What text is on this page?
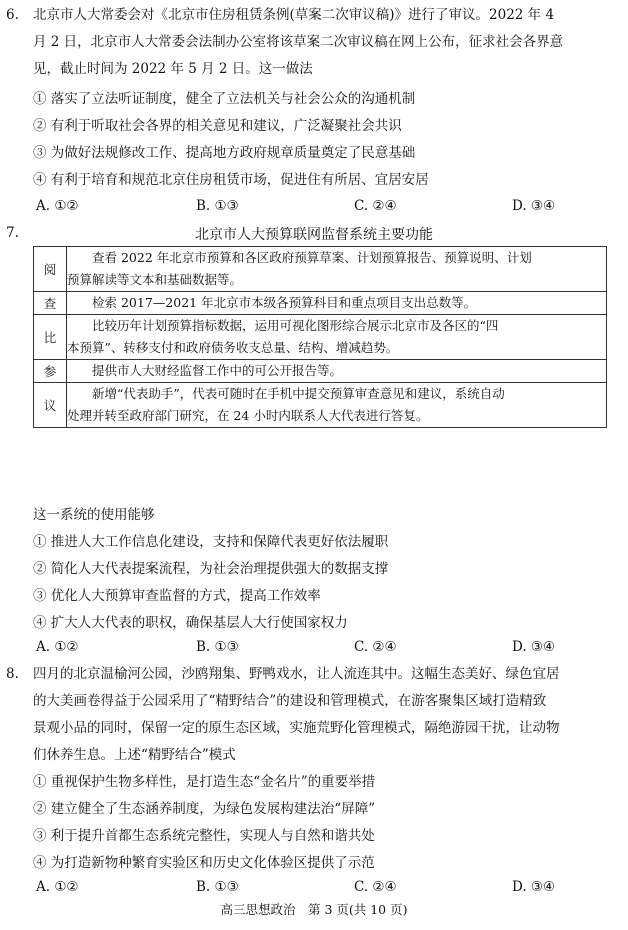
6. 北京市人大常委会对《北京市住房租赁条例(草案二次审议稿)》进行了审议。2022 年 4
月 2 日，北京市人大常委会法制办公室将该草案二次审议稿在网上公布，征求社会各界意
见，截止时间为 2022 年 5 月 2 日。这一做法
① 落实了立法听证制度，健全了立法机关与社会公众的沟通机制
② 有利于听取社会各界的相关意见和建议，广泛凝聚社会共识
③ 为做好法规修改工作、提高地方政府规章质量奠定了民意基础
④ 有利于培育和规范北京住房租赁市场，促进住有所居、宜居安居
A. ①②	B. ①③	C. ②④	D. ③④
7.	北京市人大预算联网监督系统主要功能
阅	查看 2022 年北京市预算和各区政府预算草案、计划预算报告、预算说明、计划
预算解读等文本和基础数据等。

查	检索 2017—2021 年北京市本级各预算科目和重点项目支出总数等。

比	比较历年计划预算指标数据，运用可视化图形综合展示北京市及各区的“四
本预算”、转移支付和政府债务收支总量、结构、增减趋势。

参	提供市人大财经监督工作中的可公开报告等。

议	新增“代表助手”，代表可随时在手机中提交预算审查意见和建议，系统自动
处理并转至政府部门研究，在 24 小时内联系人大代表进行答复。
这一系统的使用能够
① 推进人大工作信息化建设，支持和保障代表更好依法履职
② 简化人大代表提案流程，为社会治理提供强大的数据支撑
③ 优化人大预算审查监督的方式，提高工作效率
④ 扩大人大代表的职权，确保基层人大行使国家权力
A. ①②	B. ①③	C. ②④	D. ③④
8. 四月的北京温榆河公园，沙鸥翔集、野鸭戏水，让人流连其中。这幅生态美好、绿色宜居
的大美画卷得益于公园采用了“精野结合”的建设和管理模式，在游客聚集区域打造精致
景观小品的同时，保留一定的原生态区域，实施荒野化管理模式，隔绝游园干扰，让动物
们休养生息。上述“精野结合”模式
① 重视保护生物多样性，是打造生态“金名片”的重要举措
② 建立健全了生态涵养制度，为绿色发展构建法治“屏障”
③ 利于提升首都生态系统完整性，实现人与自然和谐共处
④ 为打造新物种繁育实验区和历史文化体验区提供了示范
A. ①②	B. ①③	C. ②④	D. ③④
高三思想政治　第 3 页(共 10 页)
